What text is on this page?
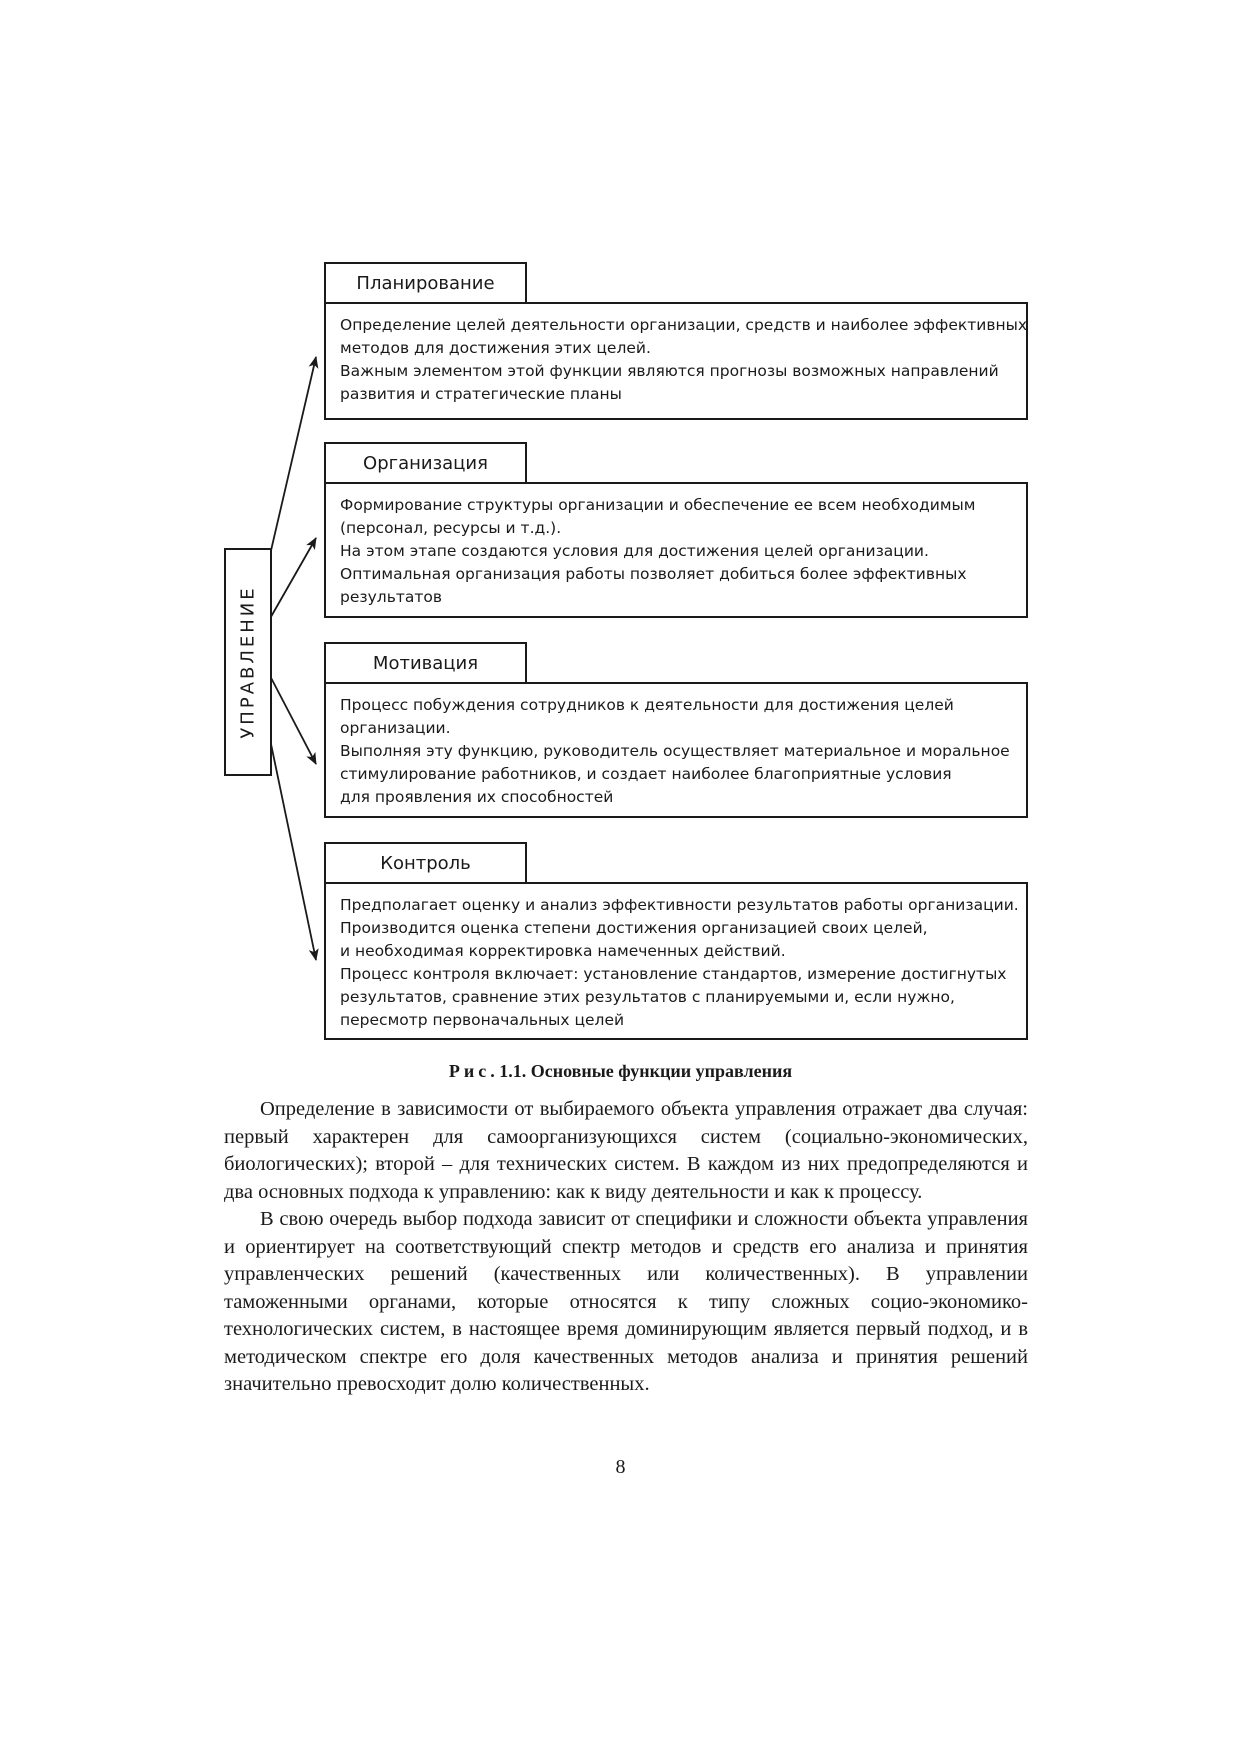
УПРАВЛЕНИЕ
Планирование
Определение целей деятельности организации, средств и наиболее эффективных
методов для достижения этих целей.
Важным элементом этой функции являются прогнозы возможных направлений
развития и стратегические планы
Организация
Формирование структуры организации и обеспечение ее всем необходимым
(персонал, ресурсы и т.д.).
На этом этапе создаются условия для достижения целей организации.
Оптимальная организация работы позволяет добиться более эффективных
результатов
Мотивация
Процесс побуждения сотрудников к деятельности для достижения целей
организации.
Выполняя эту функцию, руководитель осуществляет материальное и моральное
стимулирование работников, и создает наиболее благоприятные условия
для проявления их способностей
Контроль
Предполагает оценку и анализ эффективности результатов работы организации.
Производится оценка степени достижения организацией своих целей,
и необходимая корректировка намеченных действий.
Процесс контроля включает: установление стандартов, измерение достигнутых
результатов, сравнение этих результатов с планируемыми и, если нужно,
пересмотр первоначальных целей
Рис. 1.1. Основные функции управления

Определение в зависимости от выбираемого объекта управления отражает два случая: первый характерен для самоорганизующихся систем (социально-экономических, биологических); второй – для технических систем. В каждом из них предопределяются и два основных подхода к управлению: как к виду деятельности и как к процессу.

В свою очередь выбор подхода зависит от специфики и сложности объекта управления и ориентирует на соответствующий спектр методов и средств его анализа и принятия управленческих решений (качественных или количественных). В управлении таможенными органами, которые относятся к типу сложных социо-экономико-технологических систем, в настоящее время доминирующим является первый подход, и в методическом спектре его доля качественных методов анализа и принятия решений значительно превосходит долю количественных.

8
